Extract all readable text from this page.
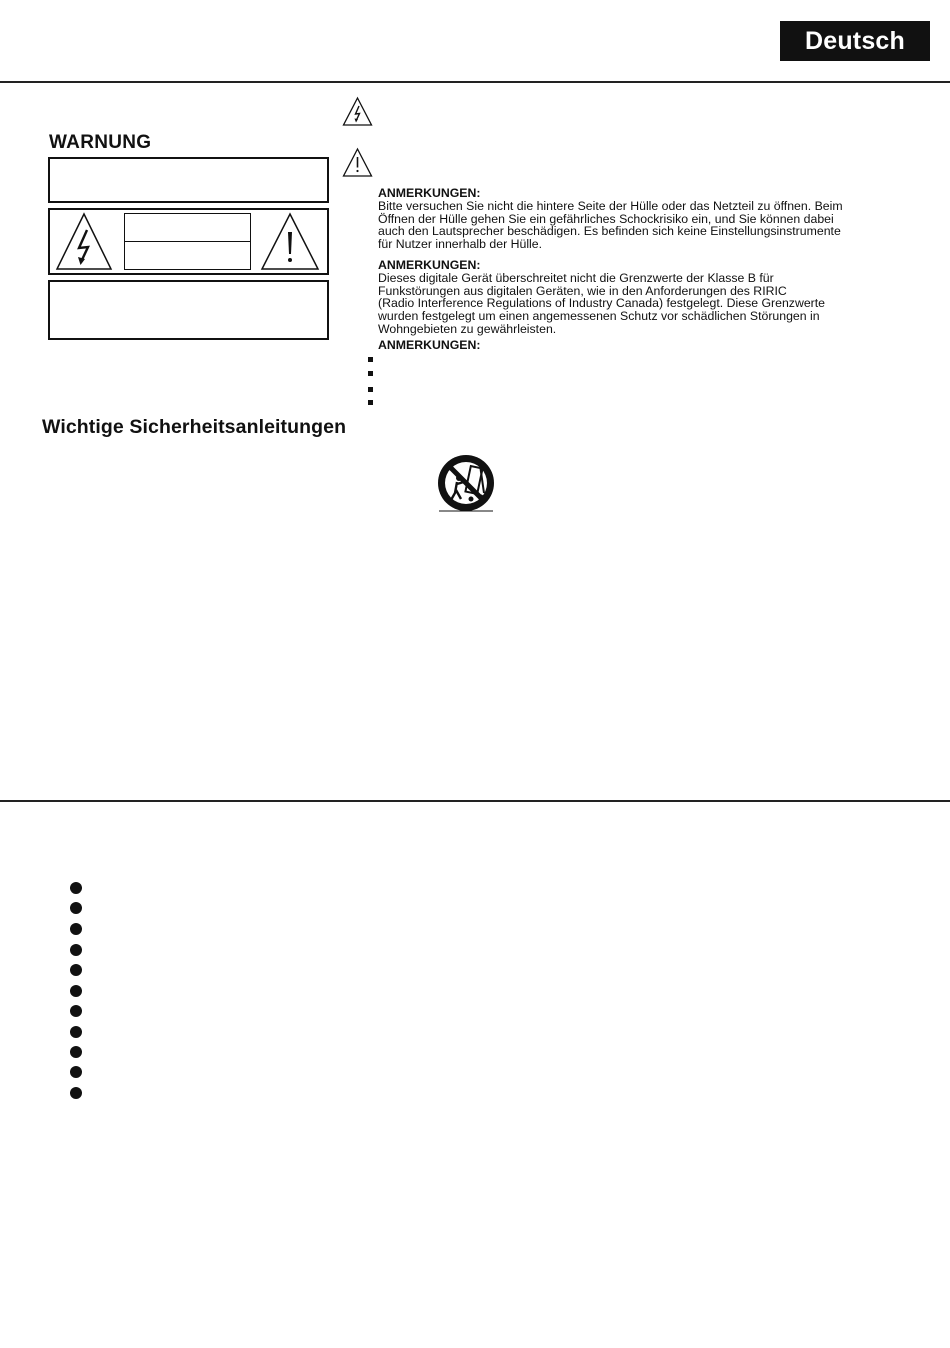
Deutsch
WARNUNG
ANMERKUNGEN:
Bitte versuchen Sie nicht die hintere Seite der Hülle oder das Netzteil zu öffnen. Beim
Öffnen der Hülle gehen Sie ein gefährliches Schockrisiko ein, und Sie können dabei
auch den Lautsprecher beschädigen. Es befinden sich keine Einstellungsinstrumente
für Nutzer innerhalb der Hülle.
ANMERKUNGEN:
Dieses digitale Gerät überschreitet nicht die Grenzwerte der Klasse B für
Funkstörungen aus digitalen Geräten, wie in den Anforderungen des RIRIC
(Radio Interference Regulations of Industry Canada) festgelegt. Diese Grenzwerte
wurden festgelegt um einen angemessenen Schutz vor schädlichen Störungen in
Wohngebieten zu gewährleisten.
ANMERKUNGEN:
Wichtige Sicherheitsanleitungen
